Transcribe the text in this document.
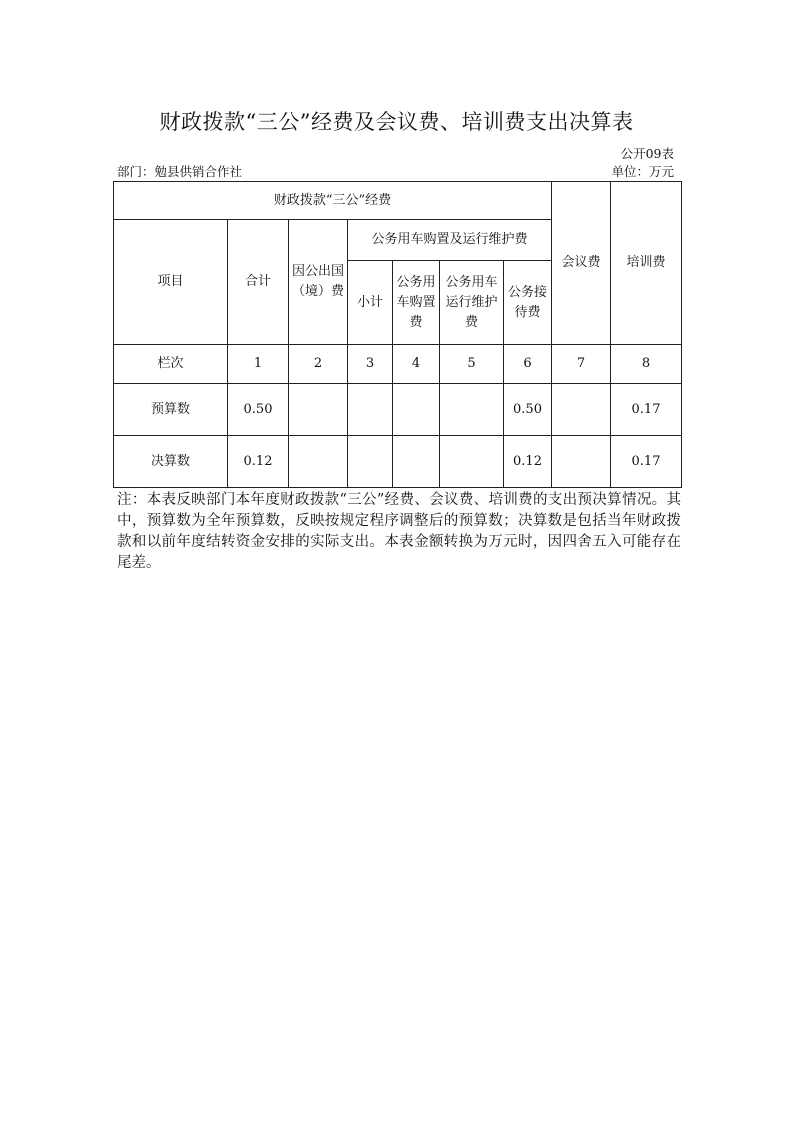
财政拨款“三公”经费及会议费、培训费支出决算表
公开09表
部门：勉县供销合作社	单位：万元
财政拨款“三公”经费							会议费	培训费
项目	合计	因公出国（境）费	公务用车购置及运行维护费					
			小计	公务用车购置费	公务用车运行维护费	公务接待费		
栏次	1	2	3	4	5	6	7	8
预算数	0.50					0.50		0.17
决算数	0.12					0.12		0.17
注：本表反映部门本年度财政拨款“三公”经费、会议费、培训费的支出预决算情况。其中，预算数为全年预算数，反映按规定程序调整后的预算数；决算数是包括当年财政拨款和以前年度结转资金安排的实际支出。本表金额转换为万元时，因四舍五入可能存在尾差。
